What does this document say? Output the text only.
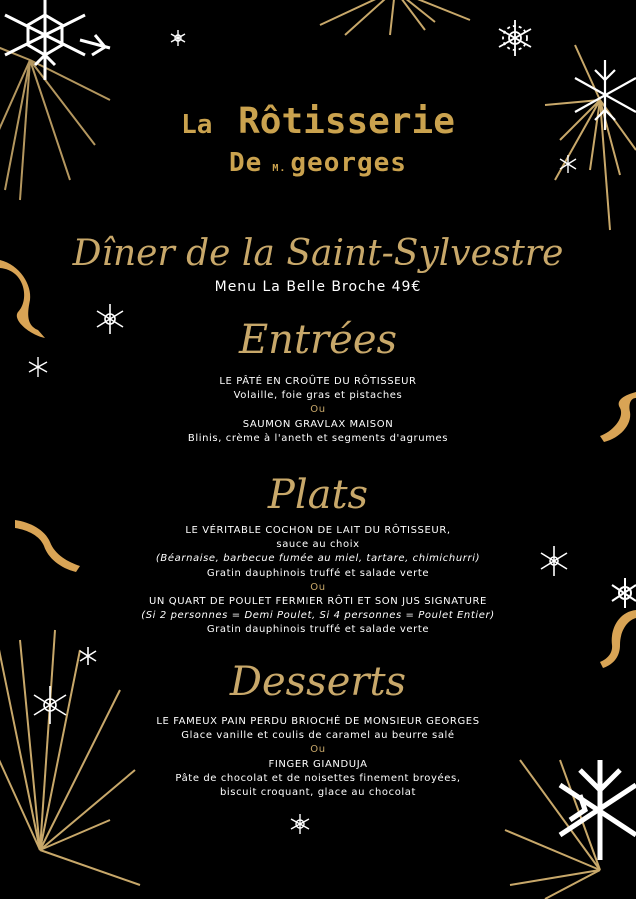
La Rôtisserie
De M. georges
Dîner de la Saint-Sylvestre
Menu La Belle Broche 49€
Entrées
LE PÂTÉ EN CROÛTE DU RÔTISSEUR
Volaille, foie gras et pistaches
Ou
SAUMON GRAVLAX MAISON
Blinis, crème à l'aneth et segments d'agrumes
Plats
LE VÉRITABLE COCHON DE LAIT DU RÔTISSEUR,
sauce au choix
(Béarnaise, barbecue fumée au miel, tartare, chimichurri)
Gratin dauphinois truffé et salade verte
Ou
UN QUART DE POULET FERMIER RÔTI ET SON JUS SIGNATURE
(Si 2 personnes = Demi Poulet, Si 4 personnes = Poulet Entier)
Gratin dauphinois truffé et salade verte
Desserts
LE FAMEUX PAIN PERDU BRIOCHÉ DE MONSIEUR GEORGES
Glace vanille et coulis de caramel au beurre salé
Ou
FINGER GIANDUJA
Pâte de chocolat et de noisettes finement broyées,
biscuit croquant, glace au chocolat
